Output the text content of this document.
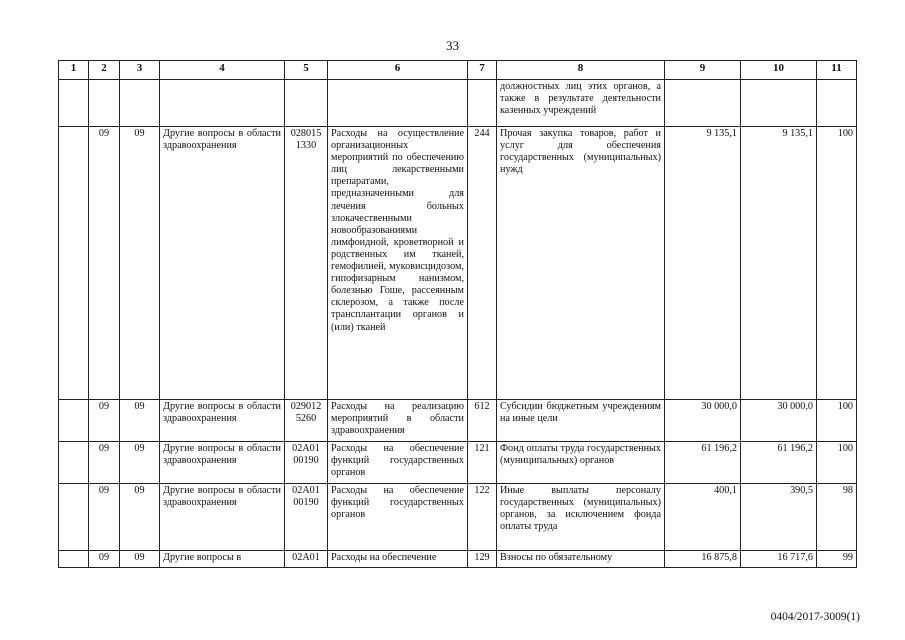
33
1	2	3	4	5	6	7	8	9	10	11
							должностных лиц этих органов, а также в результате деятельности казенных учреждений			
	09	09	Другие вопросы в области здравоохранения	028015 1330	Расходы на осуществление организационных мероприятий по обеспечению лиц лекарственными препаратами, предназначенными для лечения больных злокачественными новообразованиями лимфоидной, кроветворной и родственных им тканей, гемофилией, муковисцидозом, гипофизарным нанизмом, болезнью Гоше, рассеянным склерозом, а также после трансплантации органов и (или) тканей	244	Прочая закупка товаров, работ и услуг для обеспечения государственных (муниципальных) нужд	9 135,1	9 135,1	100
	09	09	Другие вопросы в области здравоохранения	029012 5260	Расходы на реализацию мероприятий в области здравоохранения	612	Субсидии бюджетным учреждениям на иные цели	30 000,0	30 000,0	100
	09	09	Другие вопросы в области здравоохранения	02А01 00190	Расходы на обеспечение функций государственных органов	121	Фонд оплаты труда государственных (муниципальных) органов	61 196,2	61 196,2	100
	09	09	Другие вопросы в области здравоохранения	02А01 00190	Расходы на обеспечение функций государственных органов	122	Иные выплаты персоналу государственных (муниципальных) органов, за исключением фонда оплаты труда	400,1	390,5	98
	09	09	Другие вопросы в	02А01	Расходы на обеспечение	129	Взносы по обязательному	16 875,8	16 717,6	99
0404/2017-3009(1)
